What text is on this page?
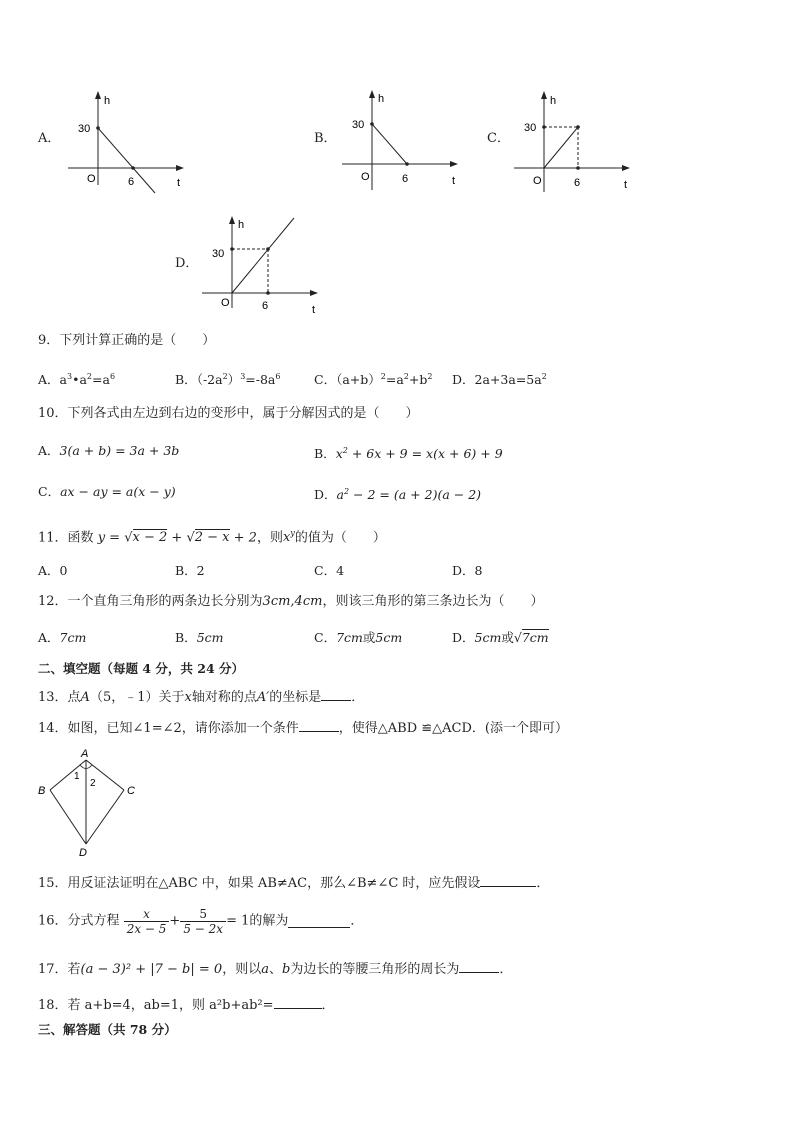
A．
h
30
O	6	t
B．
h
30
O	6	t
C．
h
30
O	6	t
D．
h
30
O	6	t
9．下列计算正确的是（　　）
A．$a^3•a^2=a^6$	B．$(-2a^2)^3=-8a^6$	C．$(a+b)^2=a^2+b^2$ D．$2a+3a=5a^2$
10．下列各式由左边到右边的变形中，属于分解因式的是（　　）
A．3(a + b) = 3a + 3b	B．$x^2 + 6x + 9 = x(x + 6) + 9$
C．ax − ay = a(x − y)	D．$a^2 - 2 = (a + 2)(a - 2)$
11．函数 y = √x − 2 + √2 − x + 2，则$x^y$的值为（　　）
A．0	B．2	C．4	D．8
12．一个直角三角形的两条边长分别为3cm,4cm，则该三角形的第三条边长为（　　）
A．7cm	B．5cm	C．7cm或5cm	D．5cm或√7cm
二、填空题（每题 4 分，共 24 分）
13．点A（5，﹣1）关于x轴对称的点A′的坐标是 ．
14．如图，已知∠1=∠2，请你添加一个条件	，使得△ABD ≌△ACD．(添一个即可）
A
B	C
D
1
2
15．用反证法证明在△ABC 中，如果 AB≠AC，那么∠B≠∠C 时，应先假设	．
16．分式方程 $\frac{x}{2x - 5} + \frac{5}{5 - 2x} = 1$的解为	．
17．若(a − 3)² + |7 − b| = 0，则以a、b为边长的等腰三角形的周长为	．
18．若 a+b=4，ab=1，则 a²b+ab²=	．
三、解答题（共 78 分）
